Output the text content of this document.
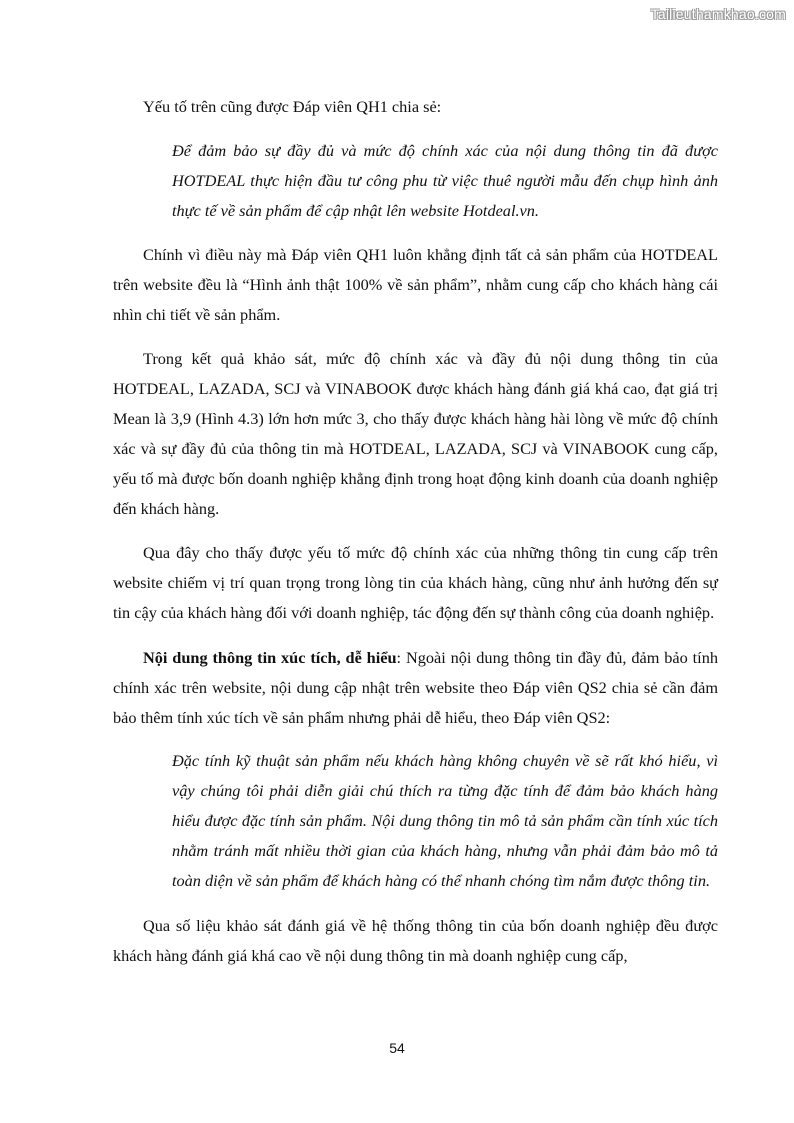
Tailieuthamkhao.com

Yếu tố trên cũng được Đáp viên QH1 chia sẻ:

Để đảm bảo sự đầy đủ và mức độ chính xác của nội dung thông tin đã được HOTDEAL thực hiện đầu tư công phu từ việc thuê người mẫu đến chụp hình ảnh thực tế về sản phẩm để cập nhật lên website Hotdeal.vn.

Chính vì điều này mà Đáp viên QH1 luôn khẳng định tất cả sản phẩm của HOTDEAL trên website đều là “Hình ảnh thật 100% về sản phẩm”, nhằm cung cấp cho khách hàng cái nhìn chi tiết về sản phẩm.

Trong kết quả khảo sát, mức độ chính xác và đầy đủ nội dung thông tin của HOTDEAL, LAZADA, SCJ và VINABOOK được khách hàng đánh giá khá cao, đạt giá trị Mean là 3,9 (Hình 4.3) lớn hơn mức 3, cho thấy được khách hàng hài lòng về mức độ chính xác và sự đầy đủ của thông tin mà HOTDEAL, LAZADA, SCJ và VINABOOK cung cấp, yếu tố mà được bốn doanh nghiệp khẳng định trong hoạt động kinh doanh của doanh nghiệp đến khách hàng.

Qua đây cho thấy được yếu tố mức độ chính xác của những thông tin cung cấp trên website chiếm vị trí quan trọng trong lòng tin của khách hàng, cũng như ảnh hưởng đến sự tin cậy của khách hàng đối với doanh nghiệp, tác động đến sự thành công của doanh nghiệp.

Nội dung thông tin xúc tích, dễ hiểu: Ngoài nội dung thông tin đầy đủ, đảm bảo tính chính xác trên website, nội dung cập nhật trên website theo Đáp viên QS2 chia sẻ cần đảm bảo thêm tính xúc tích về sản phẩm nhưng phải dễ hiểu, theo Đáp viên QS2:

Đặc tính kỹ thuật sản phẩm nếu khách hàng không chuyên về sẽ rất khó hiểu, vì vậy chúng tôi phải diễn giải chú thích ra từng đặc tính để đảm bảo khách hàng hiểu được đặc tính sản phẩm. Nội dung thông tin mô tả sản phẩm cần tính xúc tích nhằm tránh mất nhiều thời gian của khách hàng, nhưng vẫn phải đảm bảo mô tả toàn diện về sản phẩm để khách hàng có thể nhanh chóng tìm nắm được thông tin.

Qua số liệu khảo sát đánh giá về hệ thống thông tin của bốn doanh nghiệp đều được khách hàng đánh giá khá cao về nội dung thông tin mà doanh nghiệp cung cấp,

54
